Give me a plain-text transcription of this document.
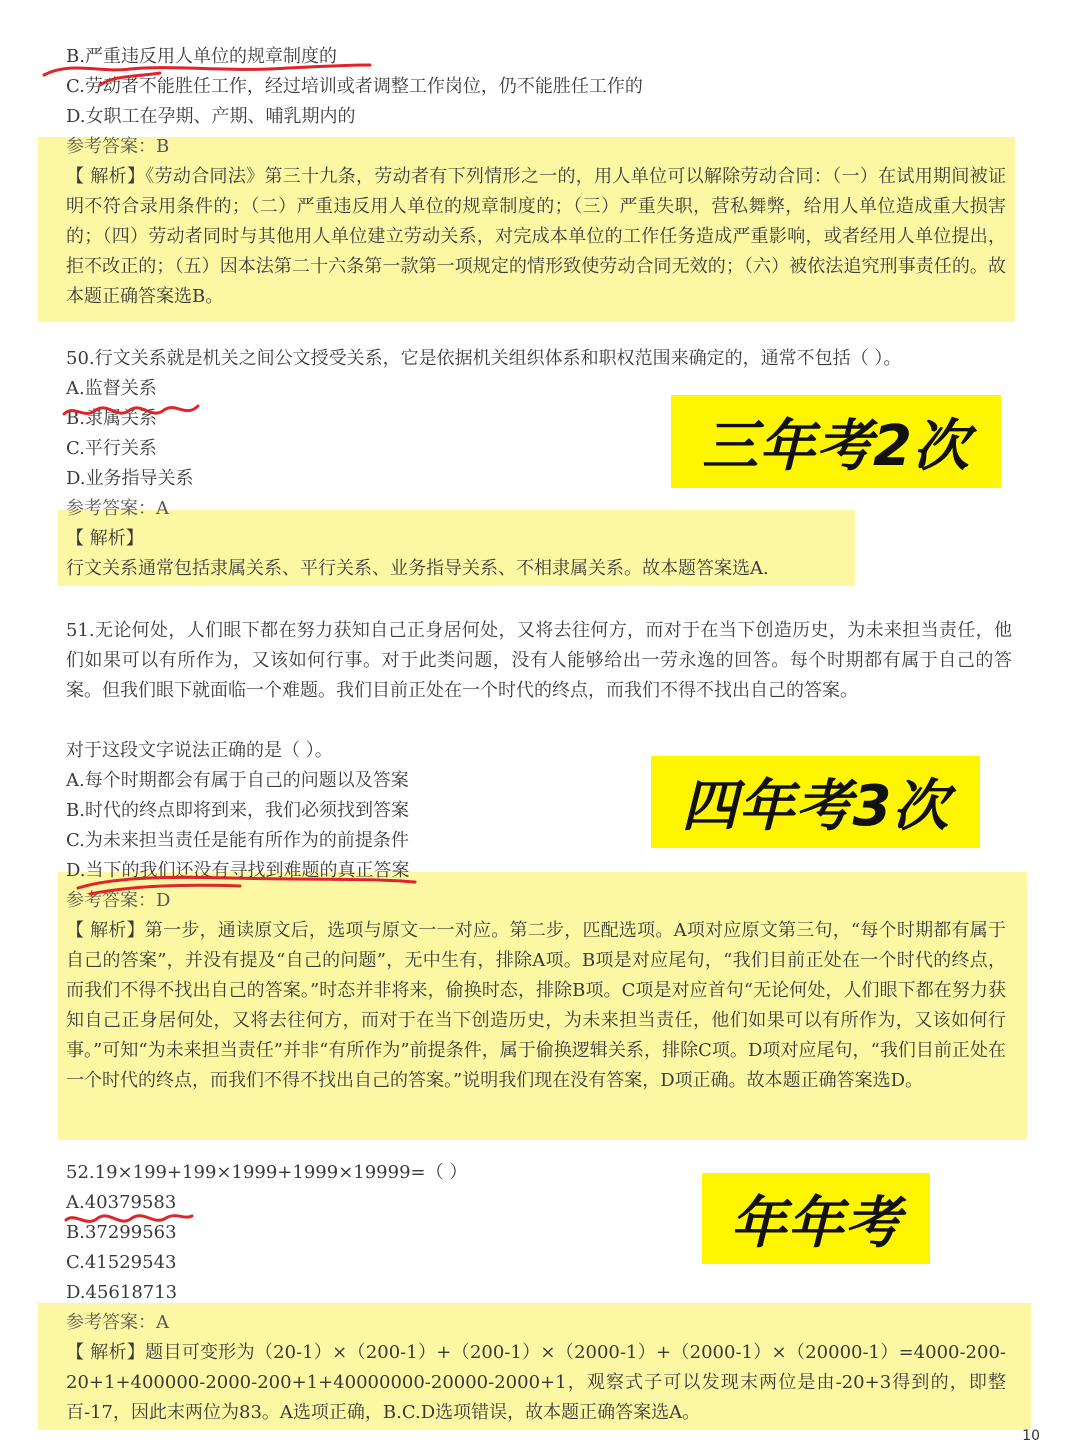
B.严重违反用人单位的规章制度的
C.劳动者不能胜任工作，经过培训或者调整工作岗位，仍不能胜任工作的
D.女职工在孕期、产期、哺乳期内的
参考答案：B
【 解析】《劳动合同法》第三十九条，劳动者有下列情形之一的，用人单位可以解除劳动合同：（一）在试用期间被证明不符合录用条件的；（二）严重违反用人单位的规章制度的；（三）严重失职，营私舞弊，给用人单位造成重大损害的；（四）劳动者同时与其他用人单位建立劳动关系，对完成本单位的工作任务造成严重影响，或者经用人单位提出，拒不改正的；（五）因本法第二十六条第一款第一项规定的情形致使劳动合同无效的；（六）被依法追究刑事责任的。故本题正确答案选B。
50.行文关系就是机关之间公文授受关系，它是依据机关组织体系和职权范围来确定的，通常不包括（ ）。
A.监督关系
B.隶属关系
C.平行关系
D.业务指导关系
参考答案：A
【 解析】
行文关系通常包括隶属关系、平行关系、业务指导关系、不相隶属关系。故本题答案选A.
三年考2次
51.无论何处，人们眼下都在努力获知自己正身居何处，又将去往何方，而对于在当下创造历史，为未来担当责任，他们如果可以有所作为，又该如何行事。对于此类问题，没有人能够给出一劳永逸的回答。每个时期都有属于自己的答案。但我们眼下就面临一个难题。我们目前正处在一个时代的终点，而我们不得不找出自己的答案。
对于这段文字说法正确的是（ ）。
A.每个时期都会有属于自己的问题以及答案
B.时代的终点即将到来，我们必须找到答案
C.为未来担当责任是能有所作为的前提条件
D.当下的我们还没有寻找到难题的真正答案
参考答案：D
【 解析】第一步，通读原文后，选项与原文一一对应。第二步，匹配选项。A项对应原文第三句，“每个时期都有属于自己的答案”，并没有提及“自己的问题”，无中生有，排除A项。B项是对应尾句，“我们目前正处在一个时代的终点，而我们不得不找出自己的答案。”时态并非将来，偷换时态，排除B项。C项是对应首句“无论何处，人们眼下都在努力获知自己正身居何处，又将去往何方，而对于在当下创造历史，为未来担当责任，他们如果可以有所作为，又该如何行事。”可知“为未来担当责任”并非“有所作为”前提条件，属于偷换逻辑关系，排除C项。D项对应尾句，“我们目前正处在一个时代的终点，而我们不得不找出自己的答案。”说明我们现在没有答案，D项正确。故本题正确答案选D。
四年考3次
52.19×199+199×1999+1999×19999=（ ）
A.40379583
B.37299563
C.41529543
D.45618713
参考答案：A
【 解析】题目可变形为（20-1）×（200-1）+（200-1）×（2000-1）+（2000-1）×（20000-1）=4000-200-20+1+400000-2000-200+1+40000000-20000-2000+1，观察式子可以发现末两位是由-20+3得到的，即整百-17，因此末两位为83。A选项正确，B.C.D选项错误，故本题正确答案选A。
年年考
10
